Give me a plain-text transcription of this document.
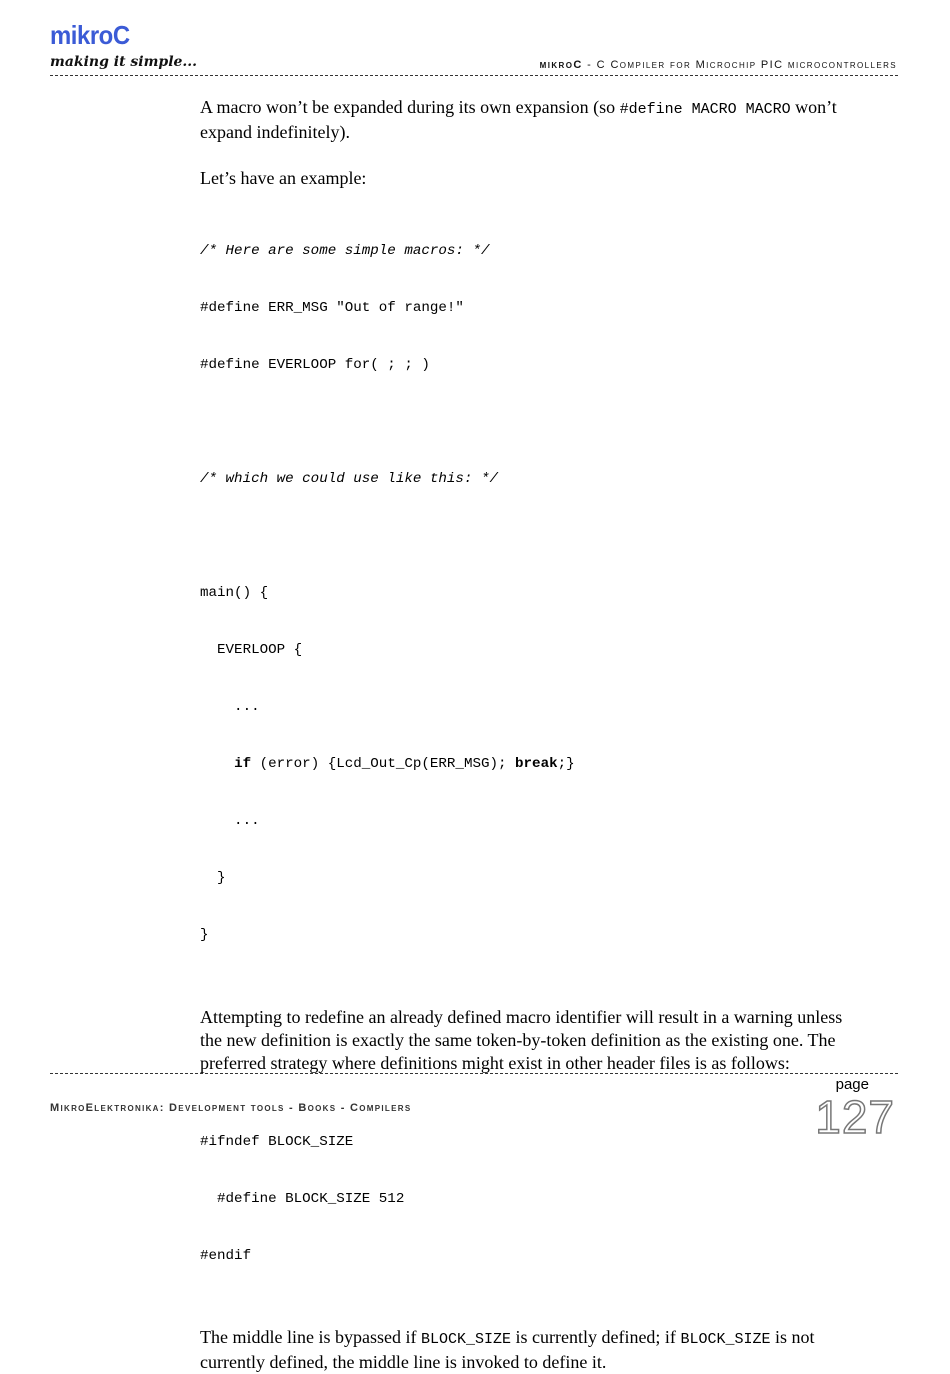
mikroC
making it simple...	mikroC - C Compiler for Microchip PIC microcontrollers

A macro won’t be expanded during its own expansion (so #define MACRO MACRO won’t expand indefinitely).

Let’s have an example:

/* Here are some simple macros: */

#define ERR_MSG "Out of range!"

#define EVERLOOP for( ; ; )

/* which we could use like this: */

main() {

EVERLOOP {

...

if (error) {Lcd_Out_Cp(ERR_MSG); break;}

...

}

}

Attempting to redefine an already defined macro identifier will result in a warning unless the new definition is exactly the same token-by-token definition as the existing one. The preferred strategy where definitions might exist in other header files is as follows:

#ifndef BLOCK_SIZE

#define BLOCK_SIZE 512

#endif

The middle line is bypassed if BLOCK_SIZE is currently defined; if BLOCK_SIZE is not currently defined, the middle line is invoked to define it.

MikroElektronika: Development tools - Books - Compilers
page
127
